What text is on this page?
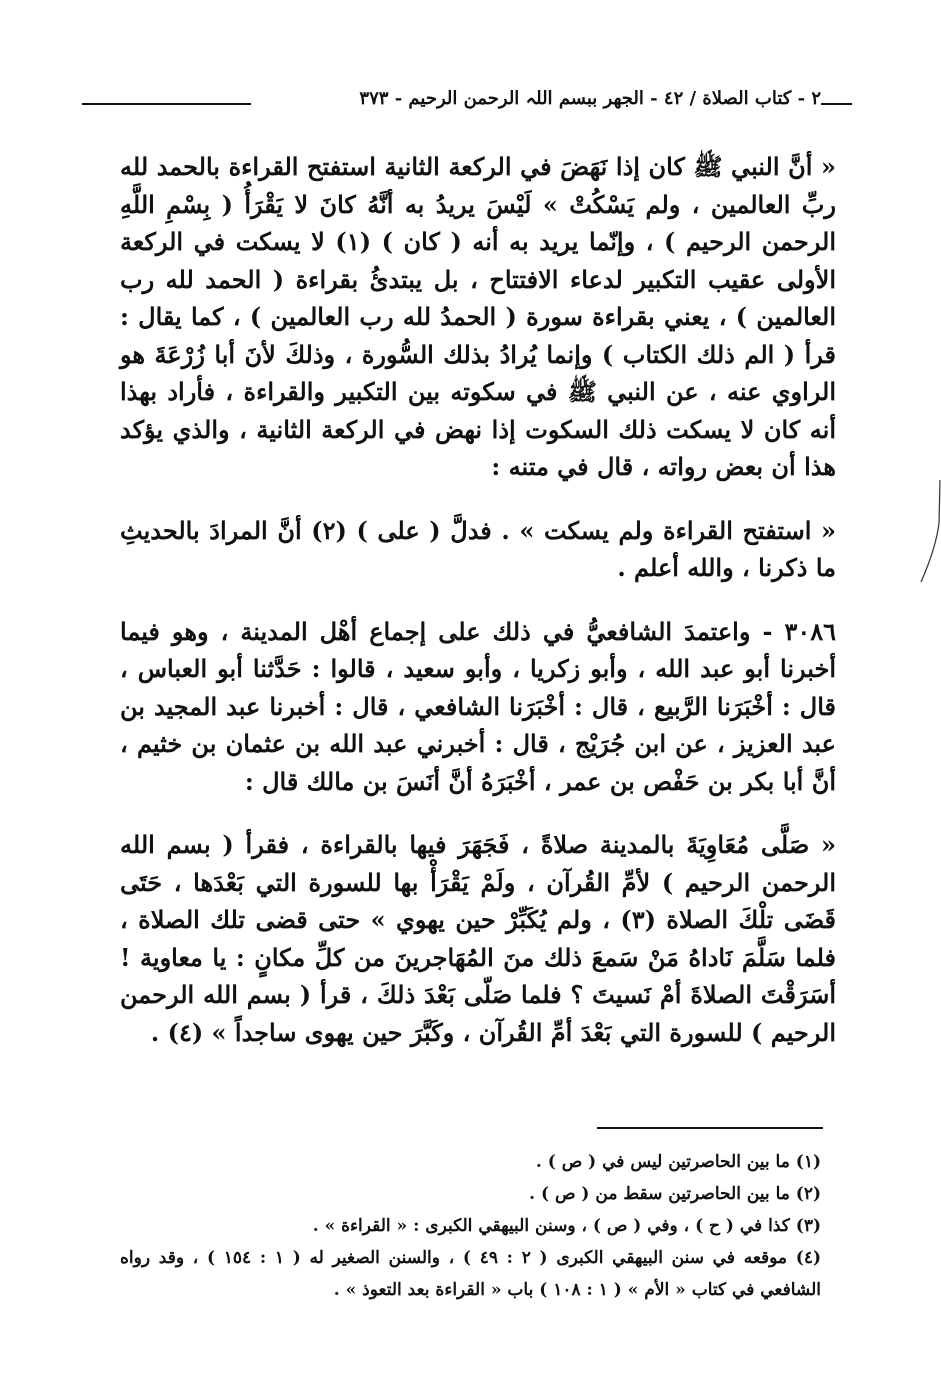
٢ - كتاب الصلاة / ٤٢ - الجهر ببسم اللہ الرحمن الرحيم - ٣٧٣

« أنَّ النبي ﷺ كان إذا نَهَضَ في الركعة الثانية استفتح القراءة بالحمد لله ربِّ العالمين ، ولم يَسْكُتْ » لَيْسَ يريدُ به أنَّهُ كانَ لا يَقْرَأُ ( بِسْمِ اللَّهِ الرحمن الرحيم ) ، وإنّما يريد به أنه ( كان ) (١) لا يسكت في الركعة الأولى عقيب التكبير لدعاء الافتتاح ، بل يبتدئُ بقراءة ( الحمد لله رب العالمين ) ، يعني بقراءة سورة ( الحمدُ لله رب العالمين ) ، كما يقال : قرأ ( الم ذلك الكتاب ) وإنما يُرادُ بذلك السُّورة ، وذلكَ لأنَ أبا زُرْعَةَ هو الراوي عنه ، عن النبي ﷺ في سكوته بين التكبير والقراءة ، فأراد بهذا أنه كان لا يسكت ذلك السكوت إذا نهض في الركعة الثانية ، والذي يؤكد هذا أن بعض رواته ، قال في متنه :

« استفتح القراءة ولم يسكت » . فدلَّ ( على ) (٢) أنَّ المرادَ بالحديثِ ما ذكرنا ، والله أعلم .

٣٠٨٦ - واعتمدَ الشافعيُّ في ذلك على إجماع أهْل المدينة ، وهو فيما أخبرنا أبو عبد الله ، وأبو زكريا ، وأبو سعيد ، قالوا : حَدَّثنا أبو العباس ، قال : أخْبَرَنا الرَّبيع ، قال : أخْبَرَنا الشافعي ، قال : أخبرنا عبد المجيد بن عبد العزيز ، عن ابن جُرَيْج ، قال : أخبرني عبد الله بن عثمان بن خثيم ، أنَّ أبا بكر بن حَفْص بن عمر ، أخْبَرَهُ أنَّ أنَسَ بن مالك قال :

« صَلَّى مُعَاوِيَةَ بالمدينة صلاةً ، فَجَهَرَ فيها بالقراءة ، فقرأ ( بسم الله الرحمن الرحيم ) لأمِّ القُرآن ، ولَمْ يَقْرَأْ بها للسورة التي بَعْدَها ، حَتَى قَضَى تلْكَ الصلاة (٣) ، ولم يُكَبِّرْ حين يهوي » حتى قضى تلك الصلاة ، فلما سَلَّمَ نَاداهُ مَنْ سَمعَ ذلك منَ المُهَاجرينَ من كلِّ مكانٍ : يا معاوية ! أسَرَقْتَ الصلاةَ أمْ نَسيتَ ؟ فلما صَلّى بَعْدَ ذلكَ ، قرأ ( بسم الله الرحمن الرحيم ) للسورة التي بَعْدَ أمِّ القُرآن ، وكَبَّرَ حين يهوى ساجداً » (٤) .

(١) ما بين الحاصرتين ليس في ( ص ) .

(٢) ما بين الحاصرتين سقط من ( ص ) .

(٣) كذا في ( ح ) ، وفي ( ص ) ، وسنن البيهقي الكبرى : « القراءة » .

(٤) موقعه في سنن البيهقي الكبرى ( ٢ : ٤٩ ) ، والسنن الصغير له ( ١ : ١٥٤ ) ، وقد رواه الشافعي في كتاب « الأم » ( ١ : ١٠٨ ) باب « القراءة بعد التعوذ » .
